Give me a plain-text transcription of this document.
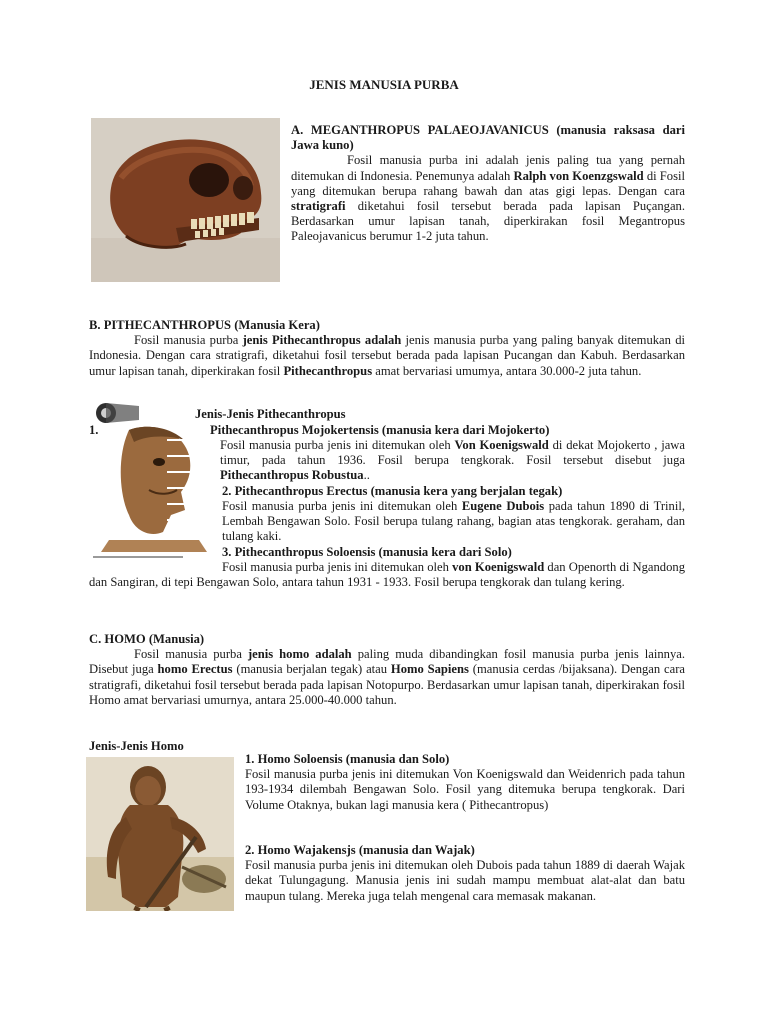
JENIS MANUSIA PURBA

A. MEGANTHROPUS PALAEOJAVANICUS (manusia raksasa dari Jawa kuno)

Fosil manusia purba ini adalah jenis paling tua yang pernah ditemukan di Indonesia. Penemunya adalah Ralph von Koenzgswald di Fosil yang ditemukan berupa rahang bawah dan atas gigi lepas. Dengan cara stratigrafi diketahui fosil tersebut berada pada lapisan Puçangan. Berdasarkan umur lapisan tanah, diperkirakan fosil Megantropus Paleojavanicus berumur 1-2 juta tahun.

B. PITHECANTHROPUS (Manusia Kera)

Fosil manusia purba jenis Pithecanthropus adalah jenis manusia purba yang paling banyak ditemukan di Indonesia. Dengan cara stratigrafi, diketahui fosil tersebut berada pada lapisan Pucangan dan Kabuh. Berdasarkan umur lapisan tanah, diperkirakan fosil Pithecanthropus amat bervariasi umumya, antara 30.000-2 juta tahun.

Jenis-Jenis Pithecanthropus

1.	Pithecanthropus Mojokertensis (manusia kera dari Mojokerto)
Fosil manusia purba jenis ini ditemukan oleh Von Koenigswald di dekat Mojokerto , jawa timur, pada tahun 1936. Fosil berupa tengkorak. Fosil tersebut disebut juga Pithecanthropus Robustua..
2. Pithecanthropus Erectus (manusia kera yang berjalan tegak)
Fosil manusia purba jenis ini ditemukan oleh Eugene Dubois pada tahun 1890 di Trinil, Lembah Bengawan Solo. Fosil berupa tulang rahang, bagian atas tengkorak. geraham, dan tulang kaki.
3. Pithecanthropus Soloensis (manusia kera dari Solo)
Fosil manusia purba jenis ini ditemukan oleh von Koenigswald dan Openorth di Ngandong dan Sangiran, di tepi Bengawan Solo, antara tahun 1931 - 1933. Fosil berupa tengkorak dan tulang kering.

C. HOMO (Manusia)

Fosil manusia purba jenis homo adalah paling muda dibandingkan fosil manusia purba jenis lainnya. Disebut juga homo Erectus (manusia berjalan tegak) atau Homo Sapiens (manusia cerdas /bijaksana). Dengan cara stratigrafi, diketahui fosil tersebut berada pada lapisan Notopurpo. Berdasarkan umur lapisan tanah, diperkirakan fosil Homo amat bervariasi umurnya, antara 25.000-40.000 tahun.

Jenis-Jenis Homo

1. Homo Soloensis (manusia dan Solo)

Fosil manusia purba jenis ini ditemukan Von Koenigswald dan Weidenrich pada tahun 193-1934 dilembah Bengawan Solo. Fosil yang ditemuka berupa tengkorak. Dari Volume Otaknya, bukan lagi manusia kera ( Pithecantropus)

2. Homo Wajakensjs (manusia dan Wajak)

Fosil manusia purba jenis ini ditemukan oleh Dubois pada tahun 1889 di daerah Wajak dekat Tulungagung. Manusia jenis ini sudah mampu membuat alat-alat dan batu maupun tulang. Mereka juga telah mengenal cara memasak makanan.
